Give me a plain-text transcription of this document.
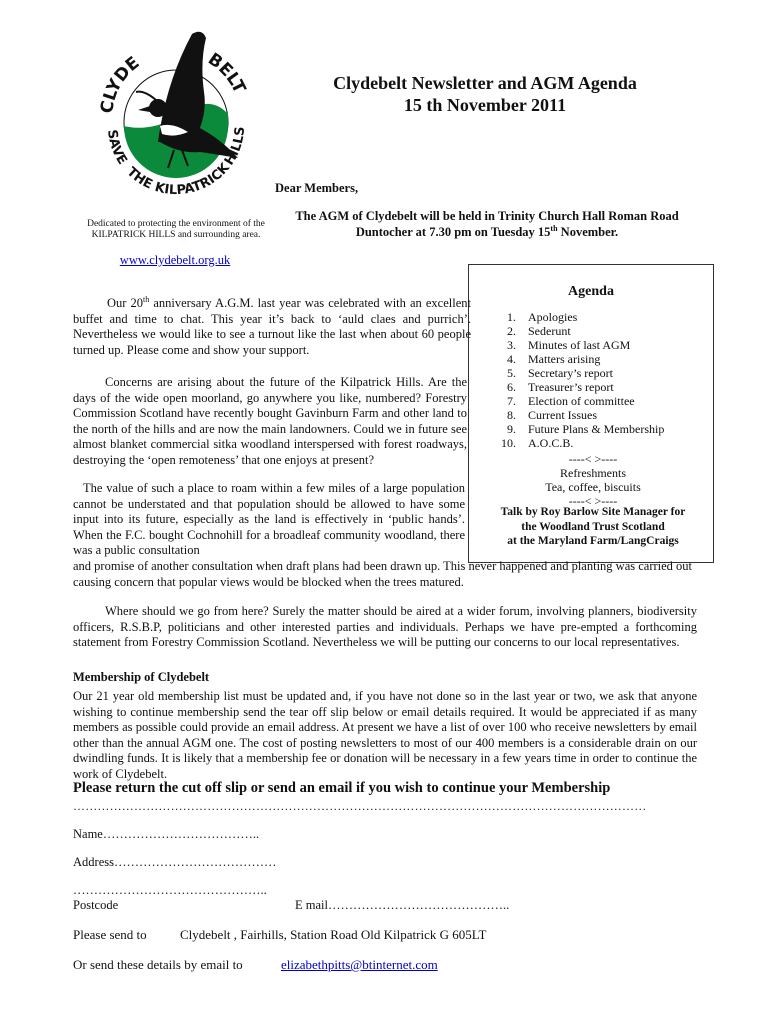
CLYDE	BELT
SAVE
THE KILPATRICK
HILLS
Dedicated to protecting the environment of the KILPATRICK HILLS and surrounding area.
www.clydebelt.org.uk
Clydebelt Newsletter and AGM Agenda
15 th November 2011
Dear Members,
The AGM of Clydebelt will be held in Trinity Church Hall Roman Road Duntocher at 7.30 pm on Tuesday 15th November.
Agenda
1. Apologies
2. Sederunt
3. Minutes of last AGM
4. Matters arising
5. Secretary’s report
6. Treasurer’s report
7. Election of committee
8. Current Issues
9. Future Plans & Membership
10. A.O.C.B.
----< >----
Refreshments
Tea, coffee, biscuits
----< >----
Talk by Roy Barlow Site Manager for
the Woodland Trust Scotland
at the Maryland Farm/LangCraigs

Our 20th anniversary A.G.M. last year was celebrated with an excellent buffet and time to chat. This year it’s back to ‘auld claes and purrich’. Nevertheless we would like to see a turnout like the last when about 60 people turned up. Please come and show your support.

Concerns are arising about the future of the Kilpatrick Hills. Are the days of the wide open moorland, go anywhere you like, numbered? Forestry Commission Scotland have recently bought Gavinburn Farm and other land to the north of the hills and are now the main landowners. Could we in future see almost blanket commercial sitka woodland interspersed with forest roadways, destroying the ‘open remoteness’ that one enjoys at present?

The value of such a place to roam within a few miles of a large population cannot be understated and that population should be allowed to have some input into its future, especially as the land is effectively in ‘public hands’. When the F.C. bought Cochnohill for a broadleaf community woodland, there was a public consultation

and promise of another consultation when draft plans had been drawn up. This never happened and planting was carried out causing concern that popular views would be blocked when the trees matured.

Where should we go from here? Surely the matter should be aired at a wider forum, involving planners, biodiversity officers, R.S.B.P, politicians and other interested parties and individuals. Perhaps we have pre-empted a forthcoming statement from Forestry Commission Scotland. Nevertheless we will be putting our concerns to our local representatives.

Membership of Clydebelt

Our 21 year old membership list must be updated and, if you have not done so in the last year or two, we ask that anyone wishing to continue membership send the tear off slip below or email details required. It would be appreciated if as many members as possible could provide an email address. At present we have a list of over 100 who receive newsletters by email other than the annual AGM one. The cost of posting newsletters to most of our 400 members is a considerable drain on our dwindling funds. It is likely that a membership fee or donation will be necessary in a few years time in order to continue the work of Clydebelt.

Please return the cut off slip or send an email if you wish to continue your Membership
……………………………………………………………………………………………………………………………
Name………………………………..
Address…………………………………
………………………………………..
Postcode	E mail……………………………………..
Please send to	Clydebelt , Fairhills, Station Road Old Kilpatrick G 605LT
Or send these details by email to	elizabethpitts@btinternet.com
